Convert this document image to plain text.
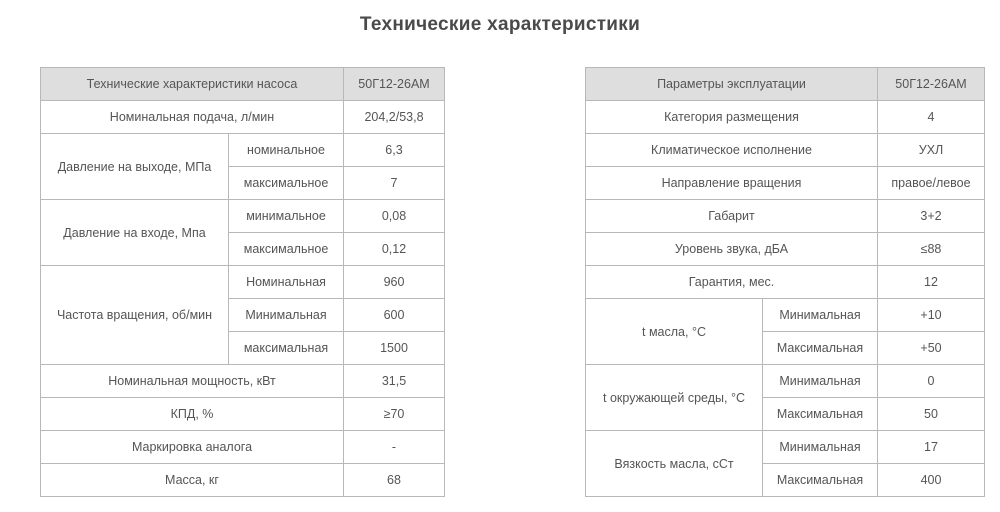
Технические характеристики
Технические характеристики насоса		50Г12-26АМ
Номинальная подача, л/мин		204,2/53,8
Давление на выходе, МПа	номинальное	6,3
	максимальное	7
Давление на входе, Мпа	минимальное	0,08
	максимальное	0,12
Частота вращения, об/мин	Номинальная	960
	Минимальная	600
	максимальная	1500
Номинальная мощность, кВт		31,5
КПД, %		≥70
Маркировка аналога		-
Масса, кг		68
Параметры эксплуатации		50Г12-26АМ
Категория размещения		4
Климатическое исполнение		УХЛ
Направление вращения		правое/левое
Габарит		3+2
Уровень звука, дБА		≤88
Гарантия, мес.		12
t масла, °C	Минимальная	+10
	Максимальная	+50
t окружающей среды, °C	Минимальная	0
	Максимальная	50
Вязкость масла, сСт	Минимальная	17
	Максимальная	400
